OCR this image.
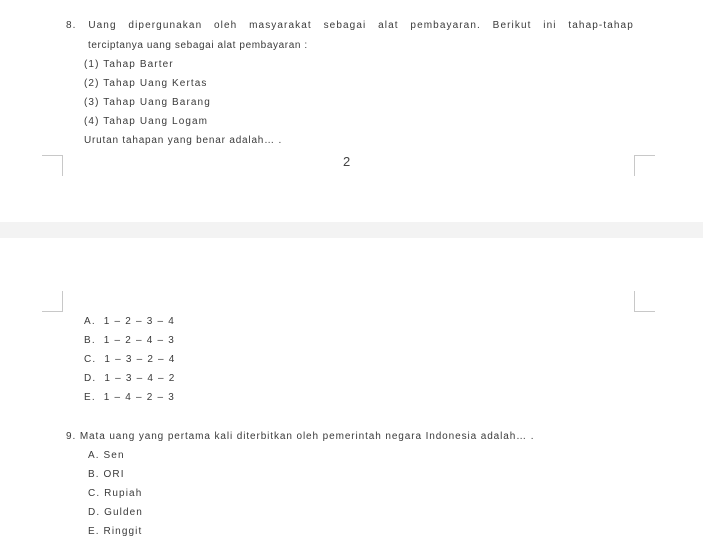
8. Uang dipergunakan oleh masyarakat sebagai alat pembayaran. Berikut ini tahap-tahap
terciptanya uang sebagai alat pembayaran :
(1) Tahap Barter
(2) Tahap Uang Kertas
(3) Tahap Uang Barang
(4) Tahap Uang Logam
Urutan tahapan yang benar adalah… .
2
A.  1 – 2 – 3 – 4
B.  1 – 2 – 4 – 3
C.  1 – 3 – 2 – 4
D.  1 – 3 – 4 – 2
E.  1 – 4 – 2 – 3
9. Mata uang yang pertama kali diterbitkan oleh pemerintah negara Indonesia adalah… .
A. Sen
B. ORI
C. Rupiah
D. Gulden
E. Ringgit
